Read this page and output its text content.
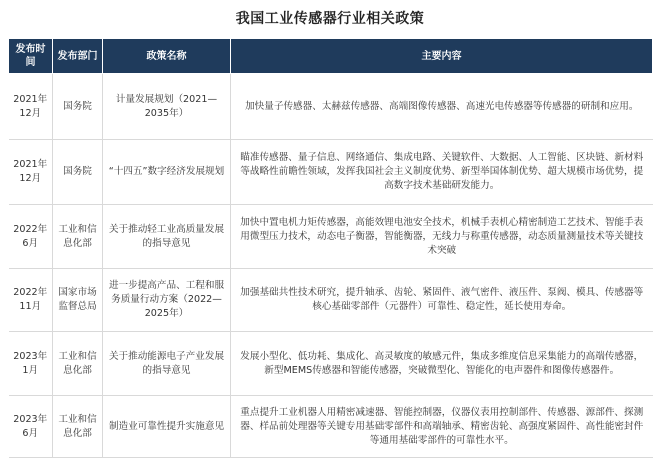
我国工业传感器行业相关政策
发布时间	发布部门	政策名称	主要内容
2021年12月	国务院	计量发展规划（2021—2035年）	加快量子传感器、太赫兹传感器、高端图像传感器、高速光电传感器等传感器的研制和应用。
2021年12月	国务院	“十四五”数字经济发展规划	瞄准传感器、量子信息、网络通信、集成电路、关键软件、大数据、人工智能、区块链、新材料等战略性前瞻性领域，发挥我国社会主义制度优势、新型举国体制优势、超大规模市场优势，提高数字技术基础研发能力。
2022年6月	工业和信息化部	关于推动轻工业高质量发展的指导意见	加快中置电机力矩传感器，高能效锂电池安全技术，机械手表机心精密制造工艺技术、智能手表用微型压力技术，动态电子衡器，智能衡器，无线力与称重传感器，动态质量测量技术等关键技术突破
2022年11月	国家市场监督总局	进一步提高产品、工程和服务质量行动方案（2022—2025年）	加强基础共性技术研究，提升轴承、齿轮、紧固件、液气密件、液压件、泵阀、模具、传感器等核心基础零部件（元器件）可靠性、稳定性，延长使用寿命。
2023年1月	工业和信息化部	关于推动能源电子产业发展的指导意见	发展小型化、低功耗、集成化、高灵敏度的敏感元件，集成多维度信息采集能力的高端传感器，新型MEMS传感器和智能传感器，突破微型化、智能化的电声器件和图像传感器件。
2023年6月	工业和信息化部	制造业可靠性提升实施意见	重点提升工业机器人用精密减速器、智能控制器，仪器仪表用控制部件、传感器、源部件、探测器、样品前处理器等关键专用基础零部件和高端轴承、精密齿轮、高强度紧固件、高性能密封件等通用基础零部件的可靠性水平。
